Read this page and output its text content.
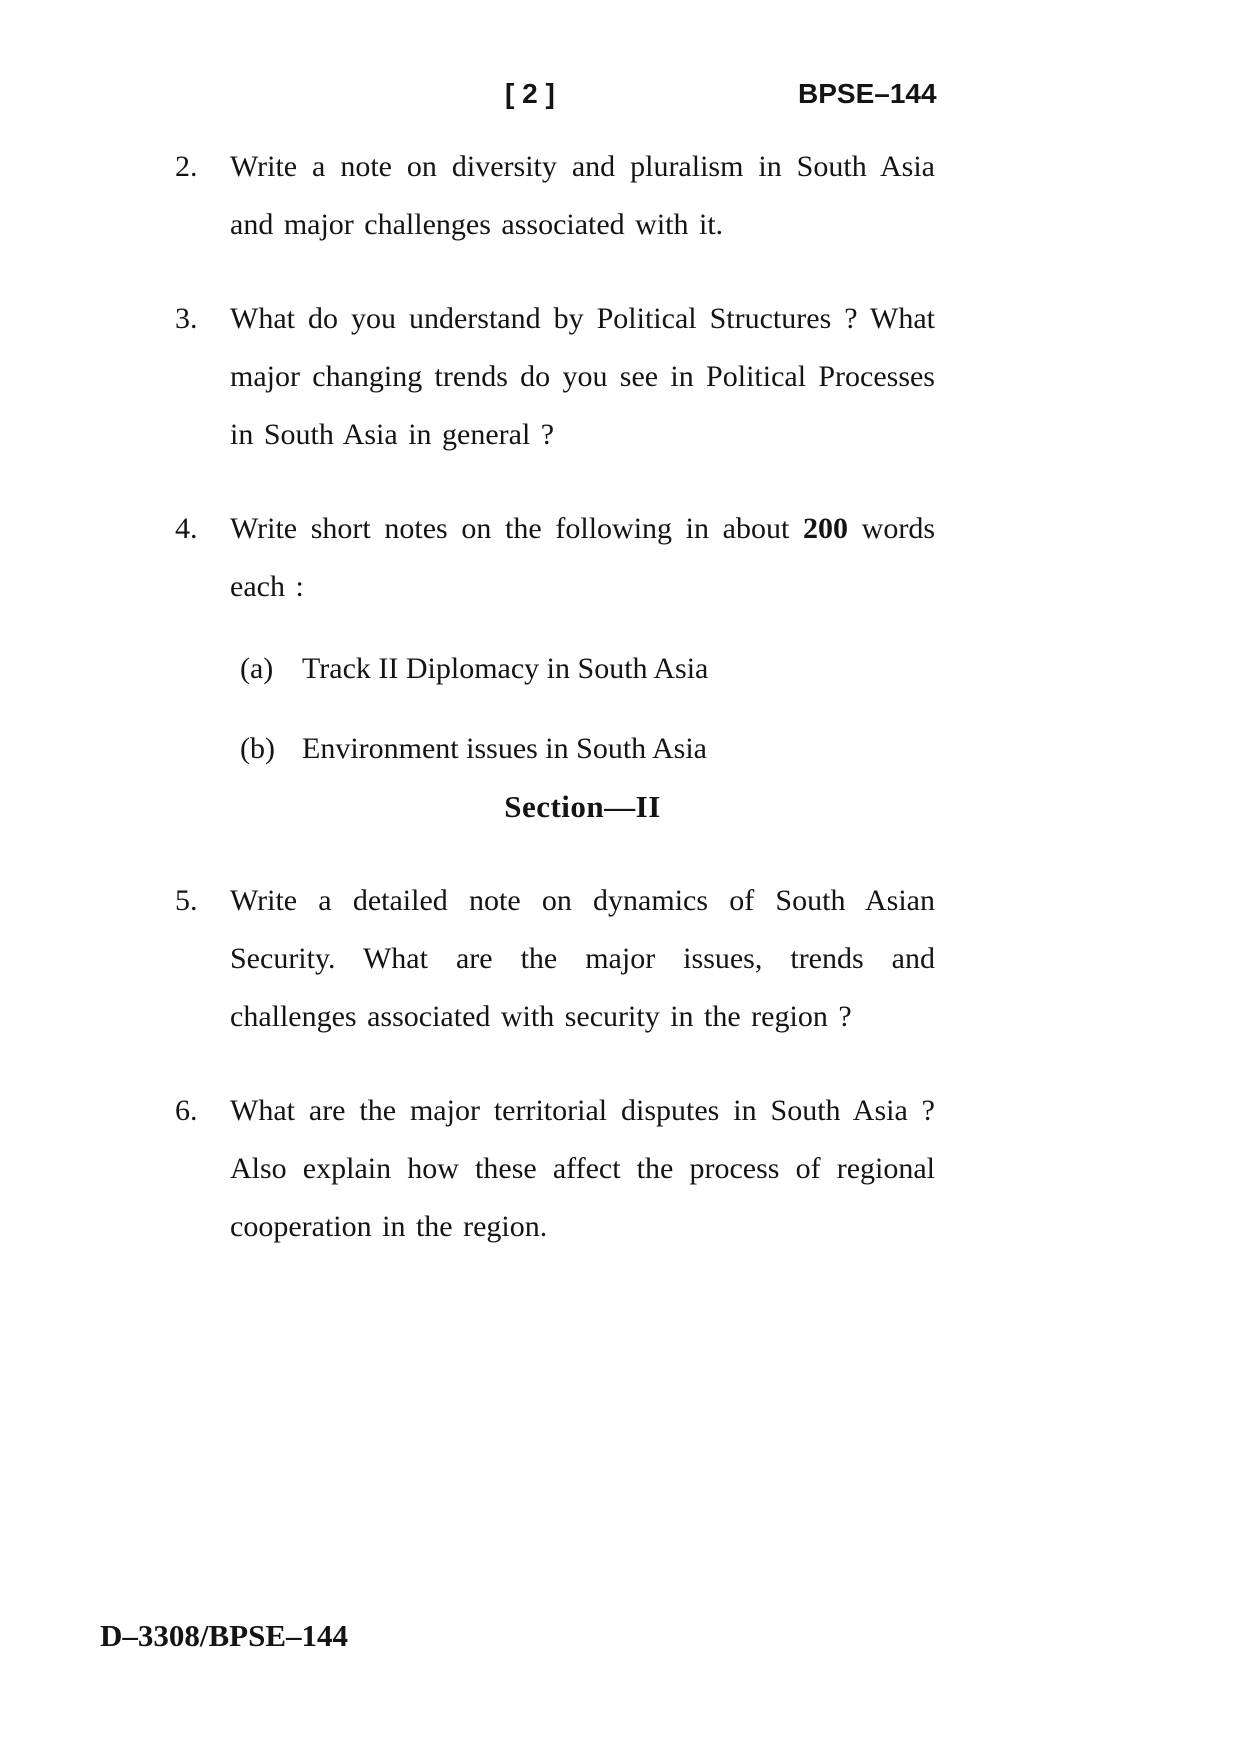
[ 2 ]	BPSE–144
2.	Write a note on diversity and pluralism in South Asia and major challenges associated with it.

3.	What do you understand by Political Structures ? What major changing trends do you see in Political Processes in South Asia in general ?

4.	Write short notes on the following in about 200 words each :

(a) Track II Diplomacy in South Asia

(b) Environment issues in South Asia

Section—II
5.	Write a detailed note on dynamics of South Asian Security. What are the major issues, trends and challenges associated with security in the region ?

6.	What are the major territorial disputes in South Asia ? Also explain how these affect the process of regional cooperation in the region.

D–3308/BPSE–144
